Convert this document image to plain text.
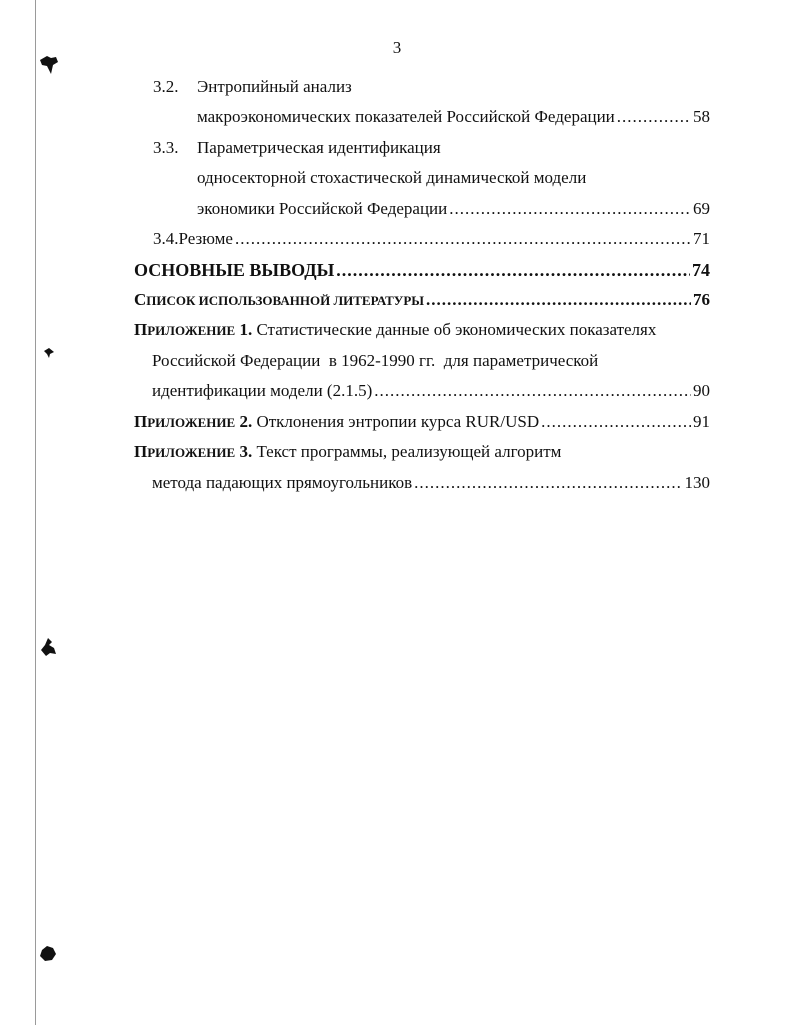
3
3.2.	Энтропийный анализ
макроэкономических показателей Российской Федерации .....	58
3.3.	Параметрическая идентификация
односекторной стохастической динамической модели
экономики Российской Федерации .....	69
3.4. Резюме .....	71
ОСНОВНЫЕ ВЫВОДЫ .....	74
СПИСОК ИСПОЛЬЗОВАННОЙ ЛИТЕРАТУРЫ .....	76
ПРИЛОЖЕНИЕ 1.
Статистические данные об экономических показателях
Российской Федерации  в 1962-1990 гг.  для параметрической
идентификации модели (2.1.5) .....	90
ПРИЛОЖЕНИЕ 2.
Отклонения энтропии курса RUR/USD .....	91
ПРИЛОЖЕНИЕ 3.
Текст программы, реализующей алгоритм
метода падающих прямоугольников .....	130
